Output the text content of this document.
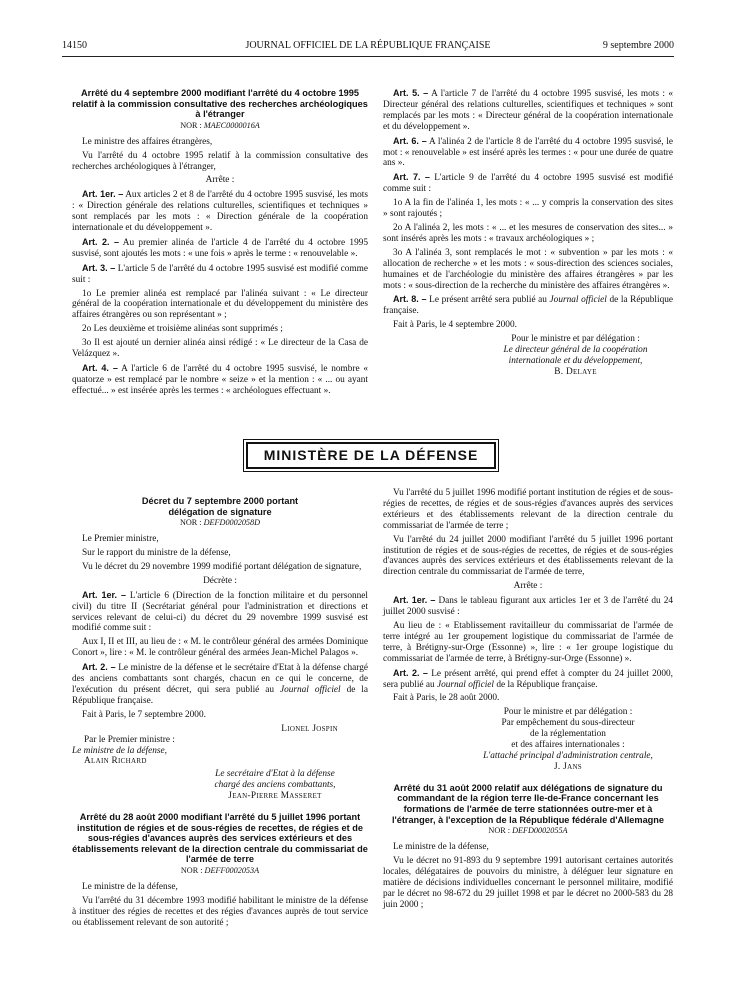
14150	JOURNAL OFFICIEL DE LA RÉPUBLIQUE FRANÇAISE	9 septembre 2000
Arrêté du 4 septembre 2000 modifiant l'arrêté du 4 octobre 1995 relatif à la commission consultative des recherches archéologiques à l'étranger
NOR : MAEC0000016A

Le ministre des affaires étrangères,

Vu l'arrêté du 4 octobre 1995 relatif à la commission consultative des recherches archéologiques à l'étranger,

Arrête :

Art. 1er. – Aux articles 2 et 8 de l'arrêté du 4 octobre 1995 susvisé, les mots : « Direction générale des relations culturelles, scientifiques et techniques » sont remplacés par les mots : « Direction générale de la coopération internationale et du développement ».

Art. 2. – Au premier alinéa de l'article 4 de l'arrêté du 4 octobre 1995 susvisé, sont ajoutés les mots : « une fois » après le terme : « renouvelable ».

Art. 3. – L'article 5 de l'arrêté du 4 octobre 1995 susvisé est modifié comme suit :

1o Le premier alinéa est remplacé par l'alinéa suivant : « Le directeur général de la coopération internationale et du développement du ministère des affaires étrangères ou son représentant » ;

2o Les deuxième et troisième alinéas sont supprimés ;

3o Il est ajouté un dernier alinéa ainsi rédigé : « Le directeur de la Casa de Velázquez ».

Art. 4. – A l'article 6 de l'arrêté du 4 octobre 1995 susvisé, le nombre « quatorze » est remplacé par le nombre « seize » et la mention : « ... ou ayant effectué... » est insérée après les termes : « archéologues effectuant ».

Art. 5. – A l'article 7 de l'arrêté du 4 octobre 1995 susvisé, les mots : « Directeur général des relations culturelles, scientifiques et techniques » sont remplacés par les mots : « Directeur général de la coopération internationale et du développement ».

Art. 6. – A l'alinéa 2 de l'article 8 de l'arrêté du 4 octobre 1995 susvisé, le mot : « renouvelable » est inséré après les termes : « pour une durée de quatre ans ».

Art. 7. – L'article 9 de l'arrêté du 4 octobre 1995 susvisé est modifié comme suit :

1o A la fin de l'alinéa 1, les mots : « ... y compris la conservation des sites » sont rajoutés ;

2o A l'alinéa 2, les mots : « ... et les mesures de conservation des sites... » sont insérés après les mots : « travaux archéologiques » ;

3o A l'alinéa 3, sont remplacés le mot : « subvention » par les mots : « allocation de recherche » et les mots : « sous-direction des sciences sociales, humaines et de l'archéologie du ministère des affaires étrangères » par les mots : « sous-direction de la recherche du ministère des affaires étrangères ».

Art. 8. – Le présent arrêté sera publié au Journal officiel de la République française.

Fait à Paris, le 4 septembre 2000.

Pour le ministre et par délégation :
Le directeur général de la coopération internationale et du développement,
B. Delaye
MINISTÈRE DE LA DÉFENSE
Décret du 7 septembre 2000 portant délégation de signature
NOR : DEFD0002058D

Le Premier ministre,

Sur le rapport du ministre de la défense,

Vu le décret du 29 novembre 1999 modifié portant délégation de signature,

Décrète :

Art. 1er. – L'article 6 (Direction de la fonction militaire et du personnel civil) du titre II (Secrétariat général pour l'administration et directions et services relevant de celui-ci) du décret du 29 novembre 1999 susvisé est modifié comme suit :

Aux I, II et III, au lieu de : « M. le contrôleur général des armées Dominique Conort », lire : « M. le contrôleur général des armées Jean-Michel Palagos ».

Art. 2. – Le ministre de la défense et le secrétaire d'Etat à la défense chargé des anciens combattants sont chargés, chacun en ce qui le concerne, de l'exécution du présent décret, qui sera publié au Journal officiel de la République française.

Fait à Paris, le 7 septembre 2000.

Lionel Jospin
Par le Premier ministre :
Le ministre de la défense,
Alain Richard
Le secrétaire d'Etat à la défense
chargé des anciens combattants,
Jean-Pierre Masseret
Arrêté du 28 août 2000 modifiant l'arrêté du 5 juillet 1996 portant institution de régies et de sous-régies de recettes, de régies et de sous-régies d'avances auprès des services extérieurs et des établissements relevant de la direction centrale du commissariat de l'armée de terre
NOR : DEFF0002053A

Le ministre de la défense,

Vu l'arrêté du 31 décembre 1993 modifié habilitant le ministre de la défense à instituer des régies de recettes et des régies d'avances auprès de tout service ou établissement relevant de son autorité ;

Vu l'arrêté du 5 juillet 1996 modifié portant institution de régies et de sous-régies de recettes, de régies et de sous-régies d'avances auprès des services extérieurs et des établissements relevant de la direction centrale du commissariat de l'armée de terre ;

Vu l'arrêté du 24 juillet 2000 modifiant l'arrêté du 5 juillet 1996 portant institution de régies et de sous-régies de recettes, de régies et de sous-régies d'avances auprès des services extérieurs et des établissements relevant de la direction centrale du commissariat de l'armée de terre,

Arrête :

Art. 1er. – Dans le tableau figurant aux articles 1er et 3 de l'arrêté du 24 juillet 2000 susvisé :

Au lieu de : « Etablissement ravitailleur du commissariat de l'armée de terre intégré au 1er groupement logistique du commissariat de l'armée de terre, à Brétigny-sur-Orge (Essonne) », lire : « 1er groupe logistique du commissariat de l'armée de terre, à Brétigny-sur-Orge (Essonne) ».

Art. 2. – Le présent arrêté, qui prend effet à compter du 24 juillet 2000, sera publié au Journal officiel de la République française.

Fait à Paris, le 28 août 2000.

Pour le ministre et par délégation :
Par empêchement du sous-directeur
de la réglementation
et des affaires internationales :
L'attaché principal d'administration centrale,
J. Jans
Arrêté du 31 août 2000 relatif aux délégations de signature du commandant de la région terre Ile-de-France concernant les formations de l'armée de terre stationnées outre-mer et à l'étranger, à l'exception de la République fédérale d'Allemagne
NOR : DEFD0002055A

Le ministre de la défense,

Vu le décret no 91-893 du 9 septembre 1991 autorisant certaines autorités locales, délégataires de pouvoirs du ministre, à déléguer leur signature en matière de décisions individuelles concernant le personnel militaire, modifié par le décret no 98-672 du 29 juillet 1998 et par le décret no 2000-583 du 28 juin 2000 ;
